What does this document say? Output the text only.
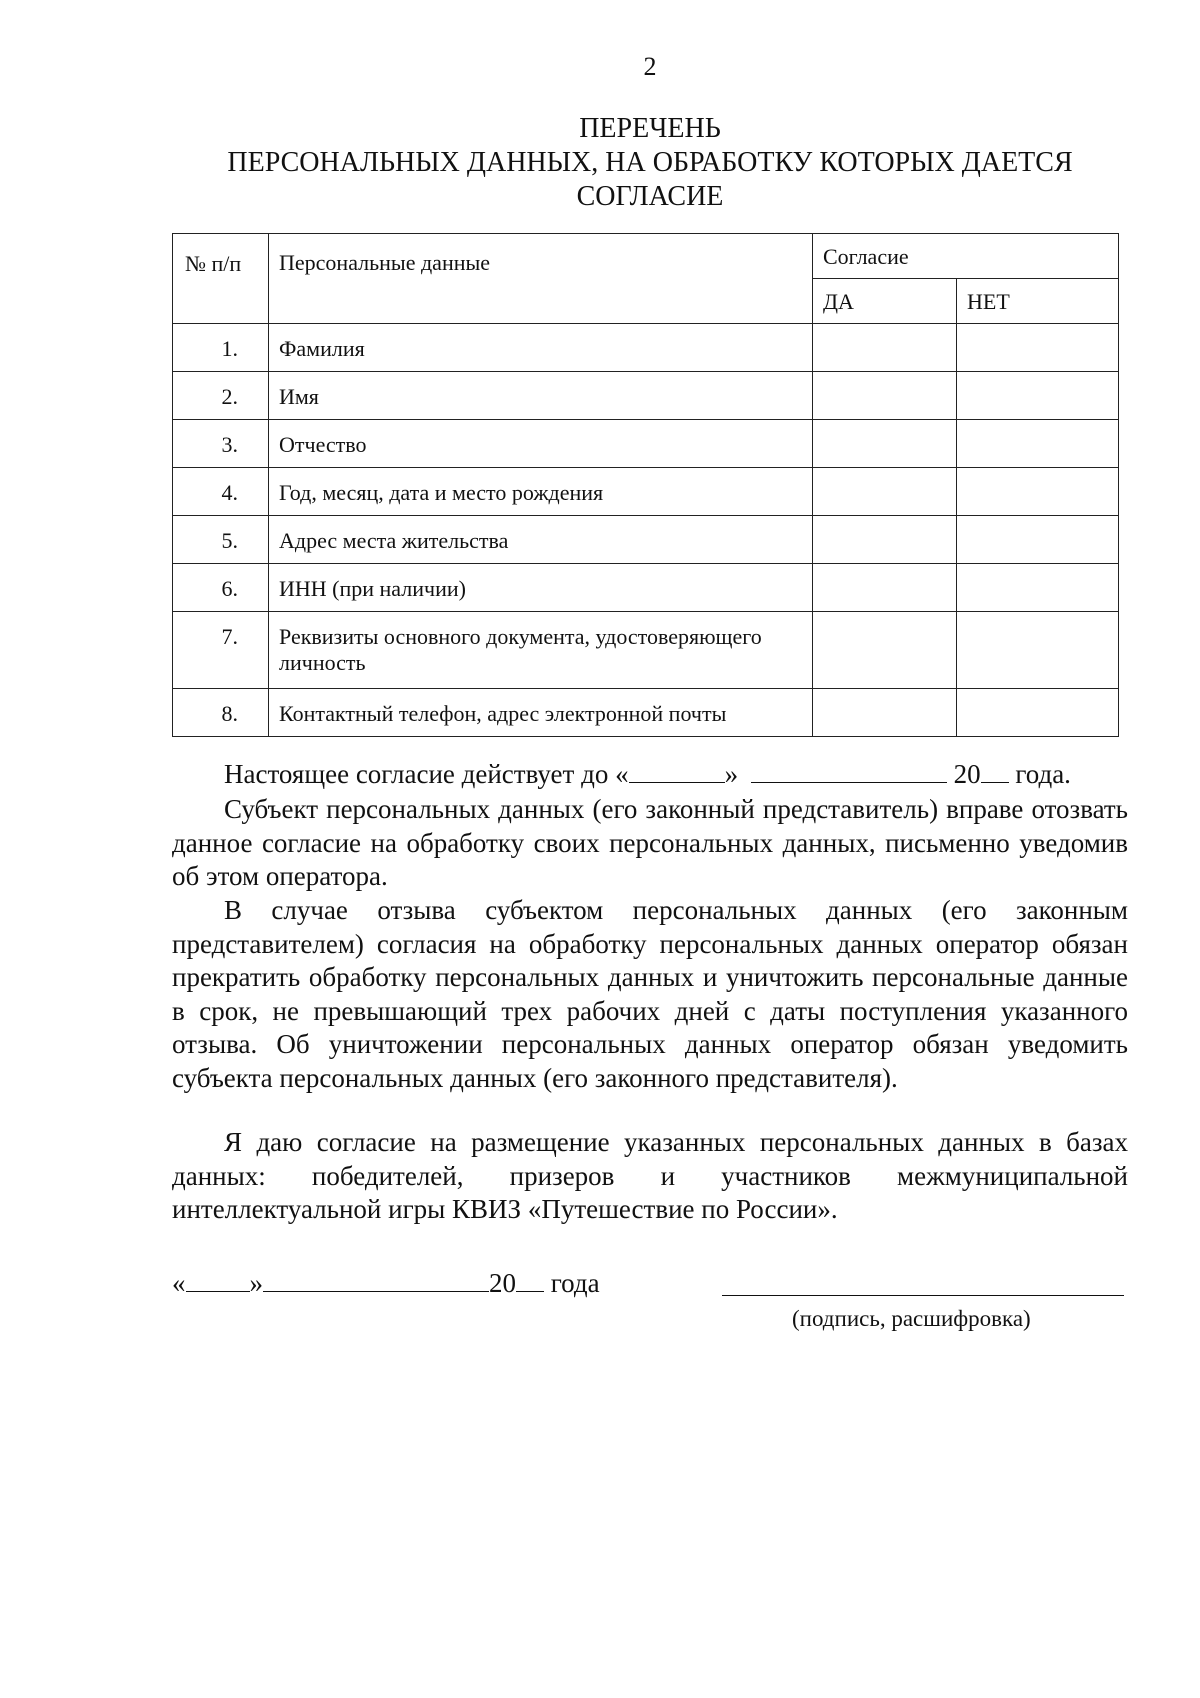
2
ПЕРЕЧЕНЬ
ПЕРСОНАЛЬНЫХ ДАННЫХ, НА ОБРАБОТКУ КОТОРЫХ ДАЕТСЯ
СОГЛАСИЕ
№ п/п	Персональные данные	Согласие	
		ДА	НЕТ
1.	Фамилия		
2.	Имя		
3.	Отчество		
4.	Год, месяц, дата и место рождения		
5.	Адрес места жительства		
6.	ИНН (при наличии)		
7.	Реквизиты основного документа, удостоверяющего личность		
8.	Контактный телефон, адрес электронной почты		
Настоящее согласие действует до «	»	20 года.
Субъект персональных данных (его законный представитель) вправе отозвать данное согласие на обработку своих персональных данных, письменно уведомив об этом оператора.
В случае отзыва субъектом персональных данных (его законным представителем) согласия на обработку персональных данных оператор обязан прекратить обработку персональных данных и уничтожить персональные данные в срок, не превышающий трех рабочих дней с даты поступления указанного отзыва. Об уничтожении персональных данных оператор обязан уведомить субъекта персональных данных (его законного представителя).
Я даю согласие на размещение указанных персональных данных в базах данных: победителей, призеров и участников межмуниципальной интеллектуальной игры КВИЗ «Путешествие по России».
« »	20 года
(подпись, расшифровка)
